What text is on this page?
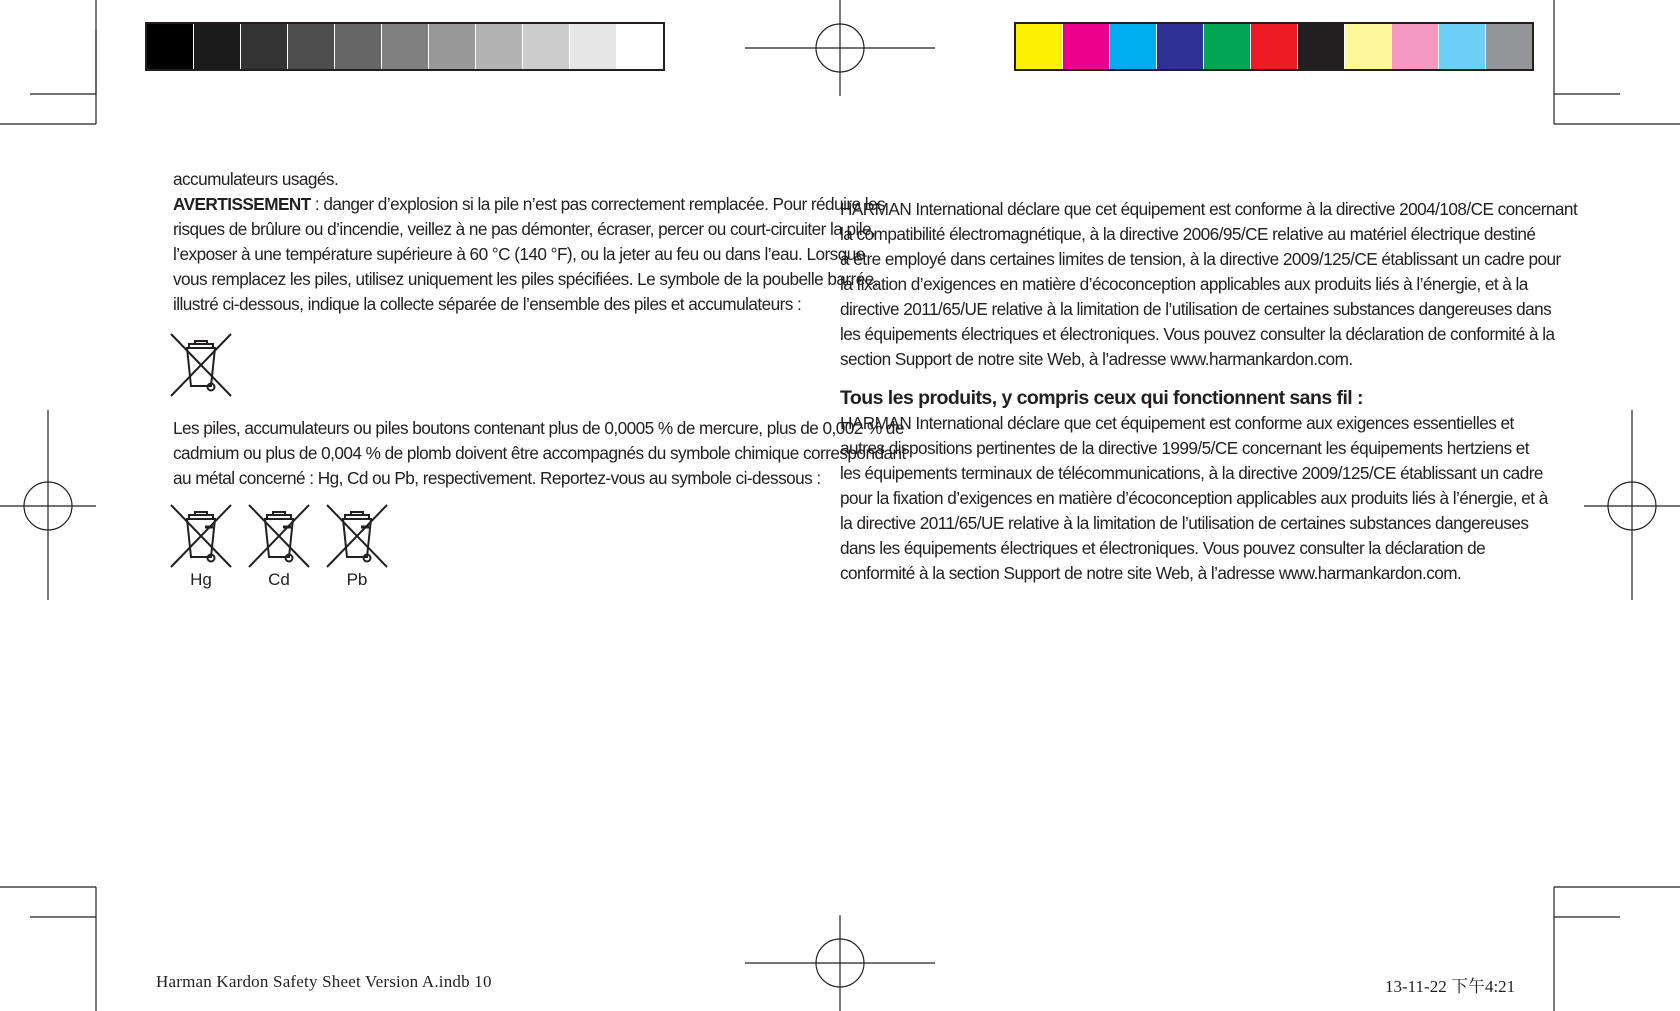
accumulateurs usagés.

AVERTISSEMENT : danger d’explosion si la pile n’est pas correctement remplacée. Pour réduire les
risques de brûlure ou d’incendie, veillez à ne pas démonter, écraser, percer ou court-circuiter la pile,
l’exposer à une température supérieure à 60 °C (140 °F), ou la jeter au feu ou dans l’eau. Lorsque
vous remplacez les piles, utilisez uniquement les piles spécifiées. Le symbole de la poubelle barrée,
illustré ci-dessous, indique la collecte séparée de l’ensemble des piles et accumulateurs :

Les piles, accumulateurs ou piles boutons contenant plus de 0,0005 % de mercure, plus de 0,002 % de
cadmium ou plus de 0,004 % de plomb doivent être accompagnés du symbole chimique correspondant
au métal concerné : Hg, Cd ou Pb, respectivement. Reportez-vous au symbole ci-dessous :

Hg	Cd	Pb

HARMAN International déclare que cet équipement est conforme à la directive 2004/108/CE concernant
la compatibilité électromagnétique, à la directive 2006/95/CE relative au matériel électrique destiné
à être employé dans certaines limites de tension, à la directive 2009/125/CE établissant un cadre pour
la fixation d’exigences en matière d’écoconception applicables aux produits liés à l’énergie, et à la
directive 2011/65/UE relative à la limitation de l’utilisation de certaines substances dangereuses dans
les équipements électriques et électroniques. Vous pouvez consulter la déclaration de conformité à la
section Support de notre site Web, à l’adresse www.harmankardon.com.

Tous les produits, y compris ceux qui fonctionnent sans fil :

HARMAN International déclare que cet équipement est conforme aux exigences essentielles et
autres dispositions pertinentes de la directive 1999/5/CE concernant les équipements hertziens et
les équipements terminaux de télécommunications, à la directive 2009/125/CE établissant un cadre
pour la fixation d’exigences en matière d’écoconception applicables aux produits liés à l’énergie, et à
la directive 2011/65/UE relative à la limitation de l’utilisation de certaines substances dangereuses
dans les équipements électriques et électroniques. Vous pouvez consulter la déclaration de
conformité à la section Support de notre site Web, à l’adresse www.harmankardon.com.

Harman Kardon Safety Sheet Version A.indb 10	13-11-22 下午4:21
